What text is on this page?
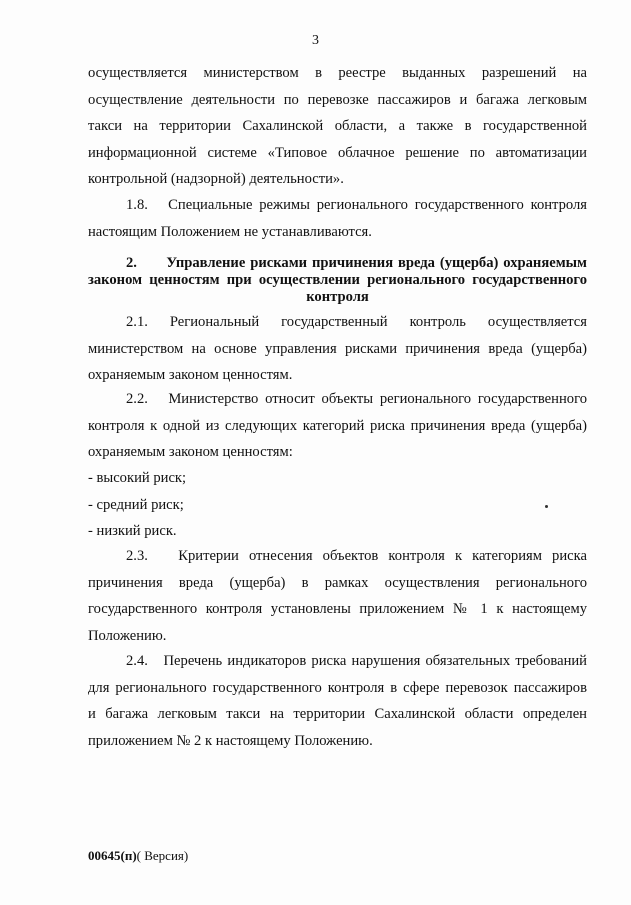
3
осуществляется министерством в реестре выданных разрешений на
осуществление деятельности по перевозке пассажиров и багажа легковым
такси на территории Сахалинской области, а также в государственной
информационной системе «Типовое облачное решение по автоматизации
контрольной (надзорной) деятельности».
1.8.   Специальные режимы регионального государственного контроля
настоящим Положением не устанавливаются.
2.      Управление рисками причинения вреда (ущерба) охраняемым
законом ценностям при осуществлении регионального государственного
контроля
2.1.   Региональный   государственный   контроль   осуществляется
министерством на основе управления рисками причинения вреда (ущерба)
охраняемым законом ценностям.
2.2.   Министерство относит объекты регионального государственного
контроля к одной из следующих категорий риска причинения вреда (ущерба)
охраняемым законом ценностям:
- высокий риск;
- средний риск;
- низкий риск.
2.3.   Критерии отнесения объектов контроля к категориям риска
причинения вреда (ущерба) в рамках осуществления регионального
государственного контроля установлены приложением № 1 к настоящему
Положению.
2.4.   Перечень индикаторов риска нарушения обязательных требований
для регионального государственного контроля в сфере перевозок пассажиров
и багажа легковым такси на территории Сахалинской области определен
приложением № 2 к настоящему Положению.
00645(п)( Версия)
